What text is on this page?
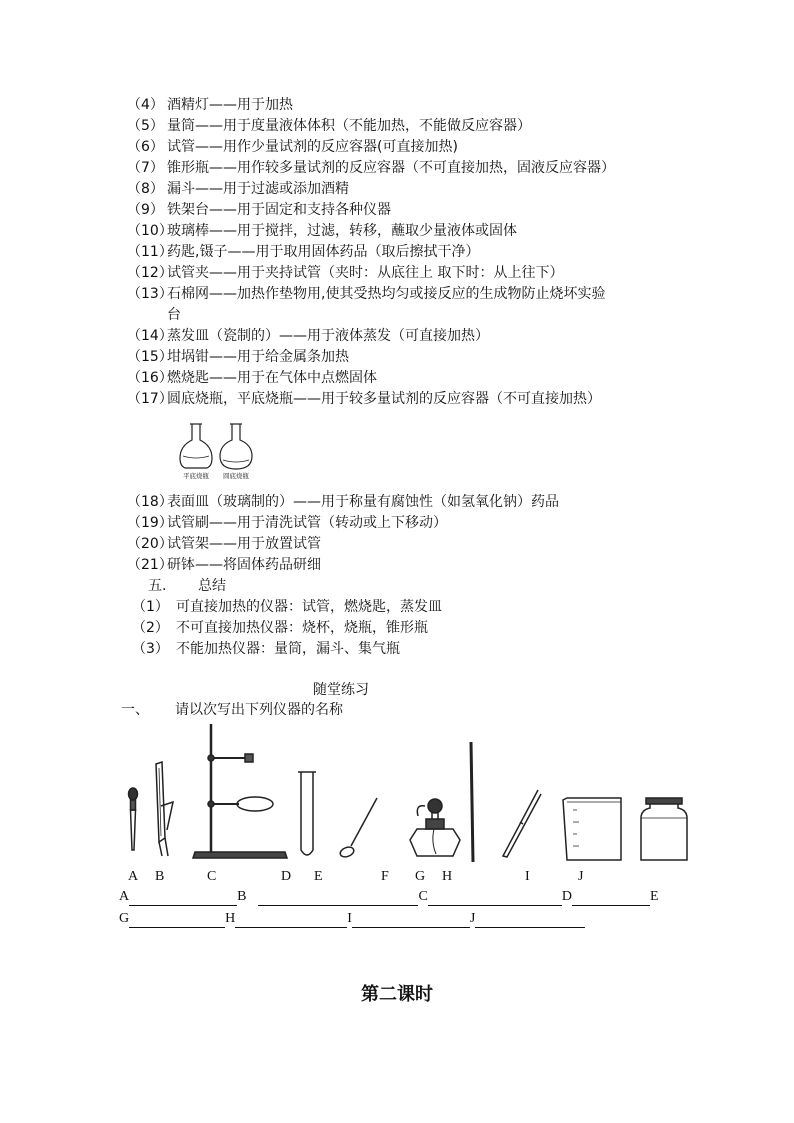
（4） 酒精灯——用于加热
（5） 量筒——用于度量液体体积（不能加热，不能做反应容器）
（6） 试管——用作少量试剂的反应容器(可直接加热)
（7） 锥形瓶——用作较多量试剂的反应容器（不可直接加热，固液反应容器）
（8） 漏斗——用于过滤或添加酒精
（9） 铁架台——用于固定和支持各种仪器
（10）玻璃棒——用于搅拌，过滤，转移，蘸取少量液体或固体
（11）药匙,镊子——用于取用固体药品（取后擦拭干净）
（12）试管夹——用于夹持试管（夹时：从底往上 取下时：从上往下）
（13）石棉网——加热作垫物用,使其受热均匀或接反应的生成物防止烧坏实验
台
（14）蒸发皿（瓷制的）——用于液体蒸发（可直接加热）
（15）坩埚钳——用于给金属条加热
（16）燃烧匙——用于在气体中点燃固体
（17）圆底烧瓶，平底烧瓶——用于较多量试剂的反应容器（不可直接加热）
平底烧瓶 圆底烧瓶
（18）表面皿（玻璃制的）——用于称量有腐蚀性（如氢氧化钠）药品
（19）试管刷——用于清洗试管（转动或上下移动）
（20）试管架——用于放置试管
（21）研钵——将固体药品研细
五. 总结
（1） 可直接加热的仪器：试管，燃烧匙，蒸发皿
（2） 不可直接加热仪器：烧杯，烧瓶，锥形瓶
（3） 不能加热仪器：量筒，漏斗、集气瓶
随堂练习
一、 请以次写出下列仪器的名称
A B	C	D E	F G H	I	J
A	B	C	D	E
G	H	I	J
第二课时
